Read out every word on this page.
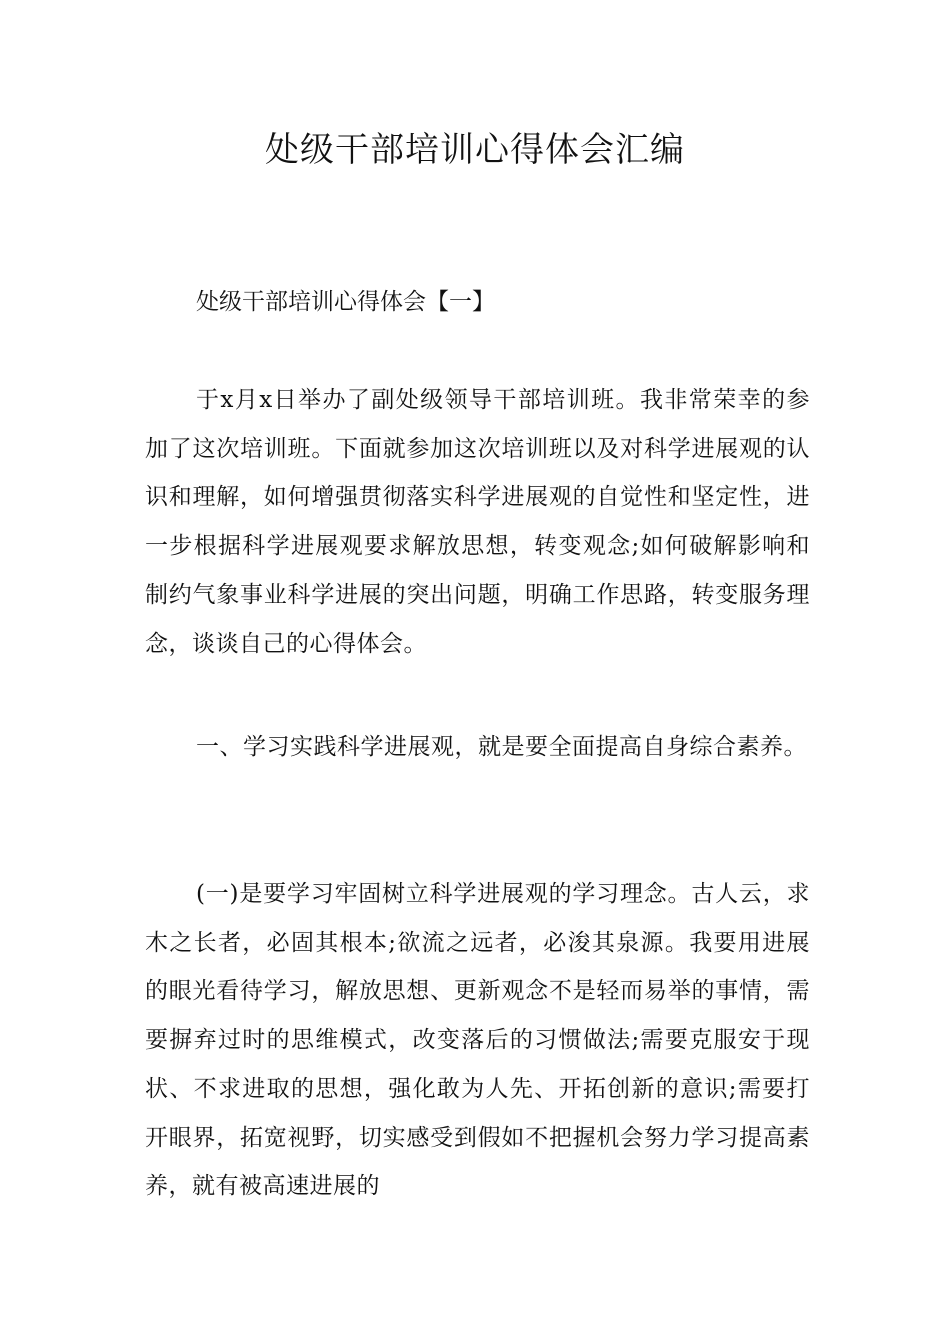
处级干部培训心得体会汇编
处级干部培训心得体会【一】

于x月x日举办了副处级领导干部培训班。我非常荣幸的参加了这次培训班。下面就参加这次培训班以及对科学进展观的认识和理解，如何增强贯彻落实科学进展观的自觉性和坚定性，进一步根据科学进展观要求解放思想，转变观念;如何破解影响和制约气象事业科学进展的突出问题，明确工作思路，转变服务理念，谈谈自己的心得体会。

一、学习实践科学进展观，就是要全面提高自身综合素养。

(一)是要学习牢固树立科学进展观的学习理念。古人云，求木之长者，必固其根本;欲流之远者，必浚其泉源。我要用进展的眼光看待学习，解放思想、更新观念不是轻而易举的事情，需要摒弃过时的思维模式，改变落后的习惯做法;需要克服安于现状、不求进取的思想，强化敢为人先、开拓创新的意识;需要打开眼界，拓宽视野，切实感受到假如不把握机会努力学习提高素养，就有被高速进展的
